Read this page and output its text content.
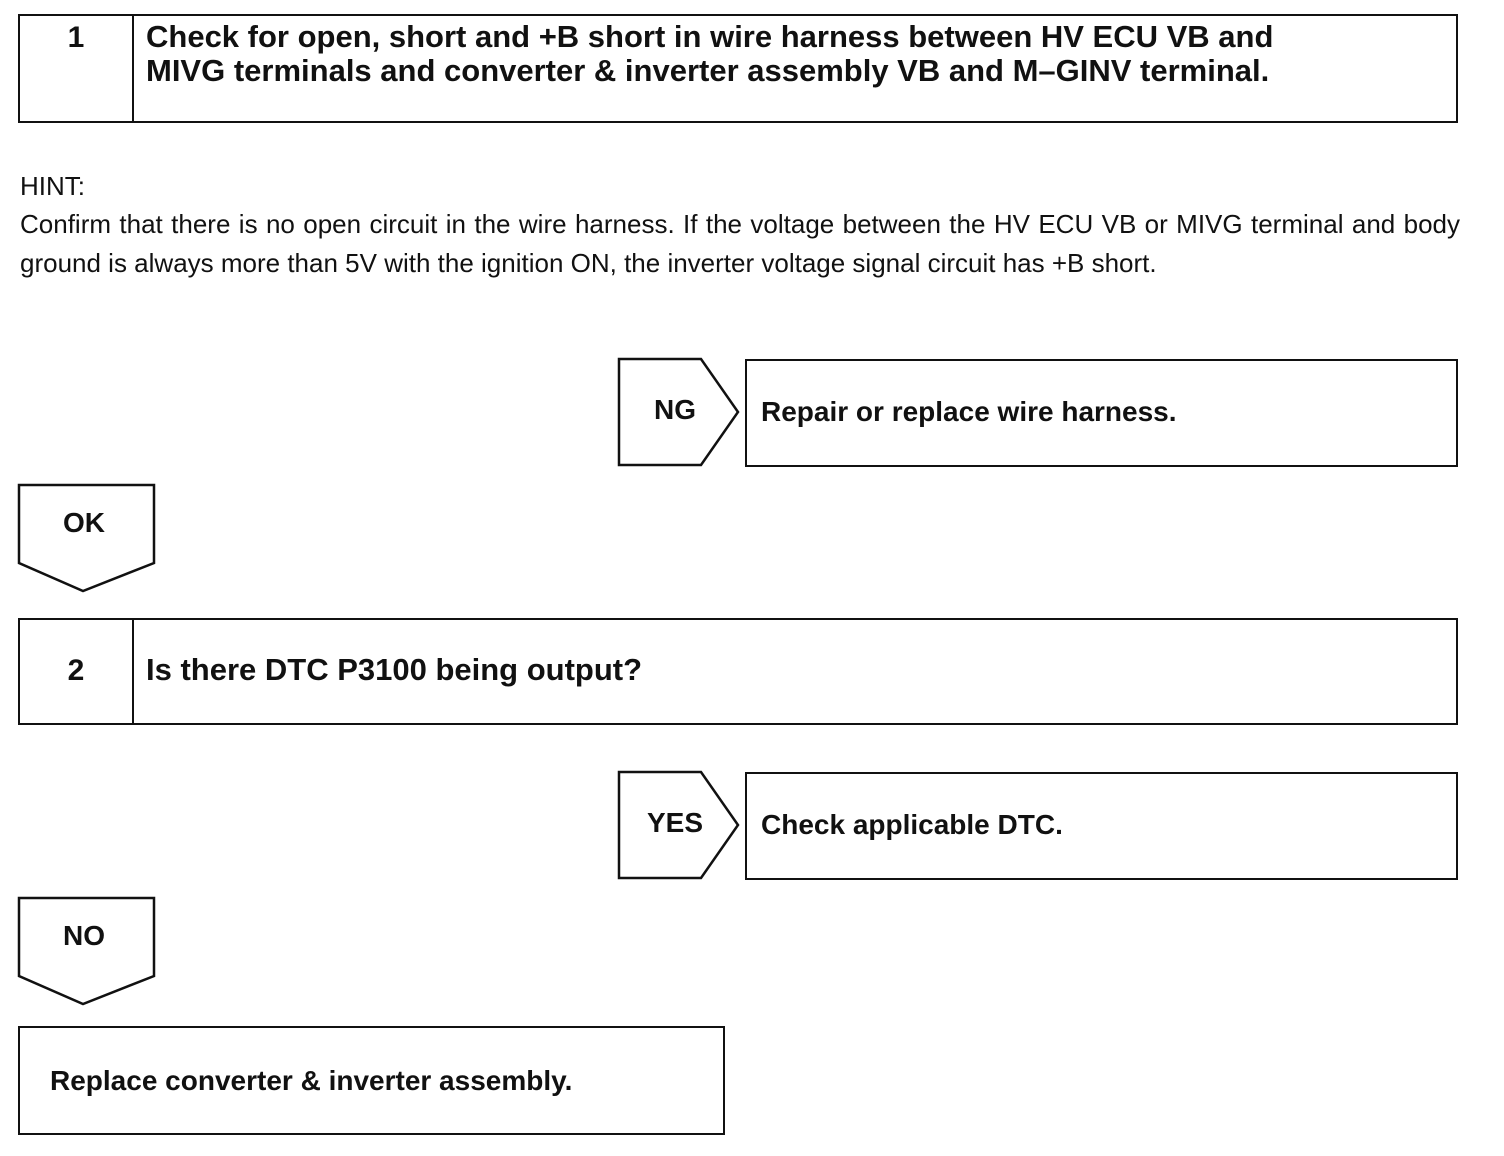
1	Check for open, short and +B short in wire harness between HV ECU VB and
MIVG terminals and converter & inverter assembly VB and M–GINV terminal.
HINT:
Confirm that there is no open circuit in the wire harness. If the voltage between the HV ECU VB or MIVG terminal and body ground is always more than 5V with the ignition ON, the inverter voltage signal circuit has +B short.
NG	Repair or replace wire harness.
OK
2	Is there DTC P3100 being output?
YES	Check applicable DTC.
NO
Replace converter & inverter assembly.
